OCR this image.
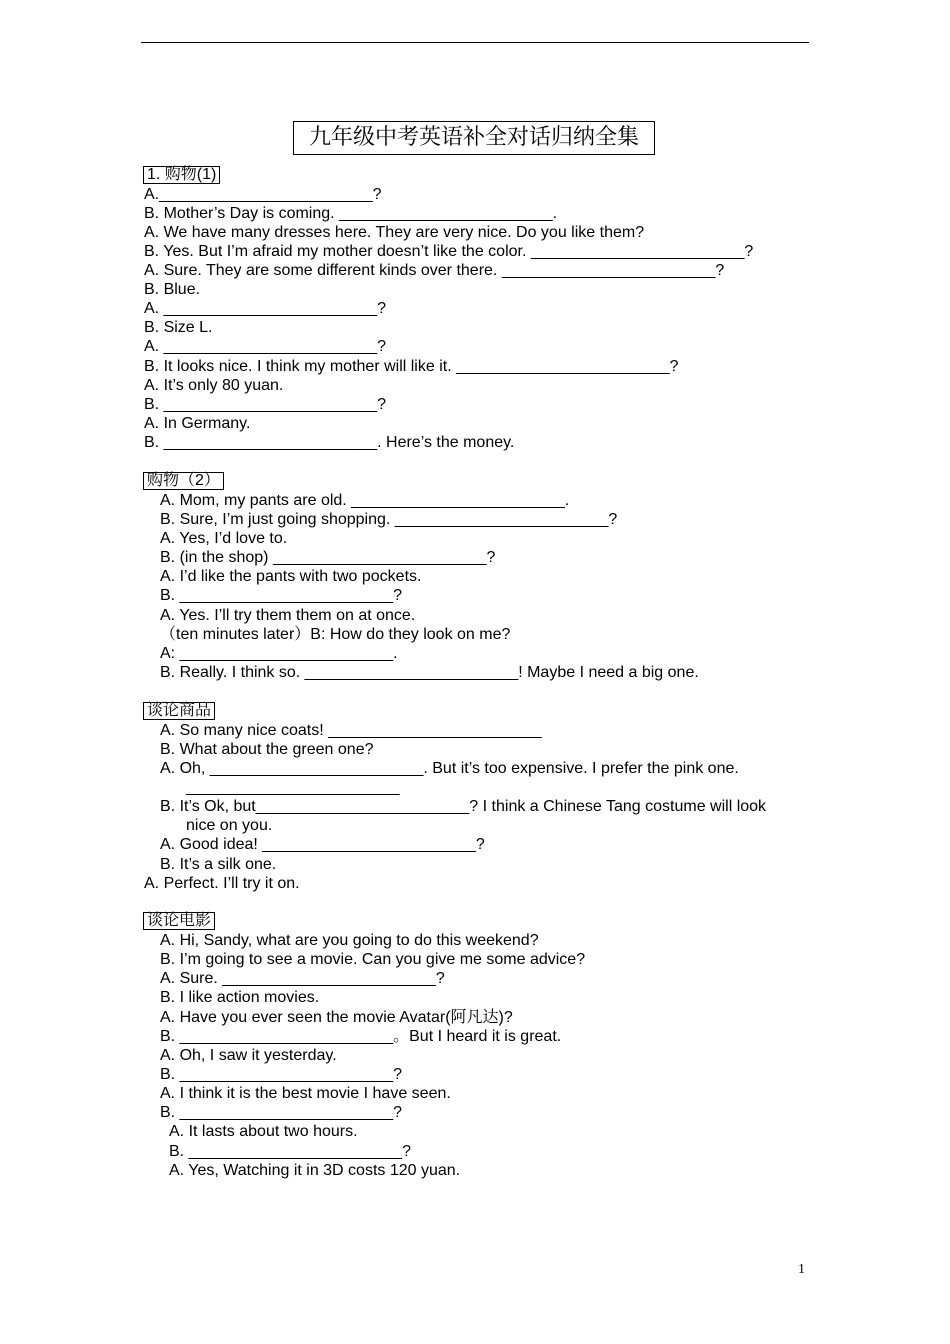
九年级中考英语补全对话归纳全集
1. 购物(1)
A.________________________?
B. Mother’s Day is coming. ________________________.
A. We have many dresses here. They are very nice. Do you like them?
B. Yes. But I’m afraid my mother doesn’t like the color. ________________________?
A. Sure. They are some different kinds over there. ________________________?
B. Blue.
A. ________________________?
B. Size L.
A. ________________________?
B. It looks nice. I think my mother will like it. ________________________?
A. It’s only 80 yuan.
B. ________________________?
A. In Germany.
B. ________________________. Here’s the money.
购物（2）
A. Mom, my pants are old. ________________________.
B. Sure, I’m just going shopping. ________________________?
A. Yes, I’d love to.
B. (in the shop) ________________________?
A. I’d like the pants with two pockets.
B. ________________________?
A. Yes. I’ll try them them on at once.
（ten minutes later）B: How do they look on me?
A: ________________________.
B. Really. I think so. ________________________! Maybe I need a big one.
谈论商品
A. So many nice coats! ________________________
B. What about the green one?
A. Oh, ________________________. But it’s too expensive. I prefer the pink one.
________________________
B. It’s Ok, but________________________? I think a Chinese Tang costume will look
nice on you.
A. Good idea! ________________________?
B. It’s a silk one.
A. Perfect. I’ll try it on.
谈论电影
A. Hi, Sandy, what are you going to do this weekend?
B. I’m going to see a movie. Can you give me some advice?
A. Sure. ________________________?
B. I like action movies.
A. Have you ever seen the movie Avatar(阿凡达)?
B. ________________________。But I heard it is great.
A. Oh, I saw it yesterday.
B. ________________________?
A. I think it is the best movie I have seen.
B. ________________________?
A. It lasts about two hours.
B. ________________________?
A. Yes, Watching it in 3D costs 120 yuan.
1
